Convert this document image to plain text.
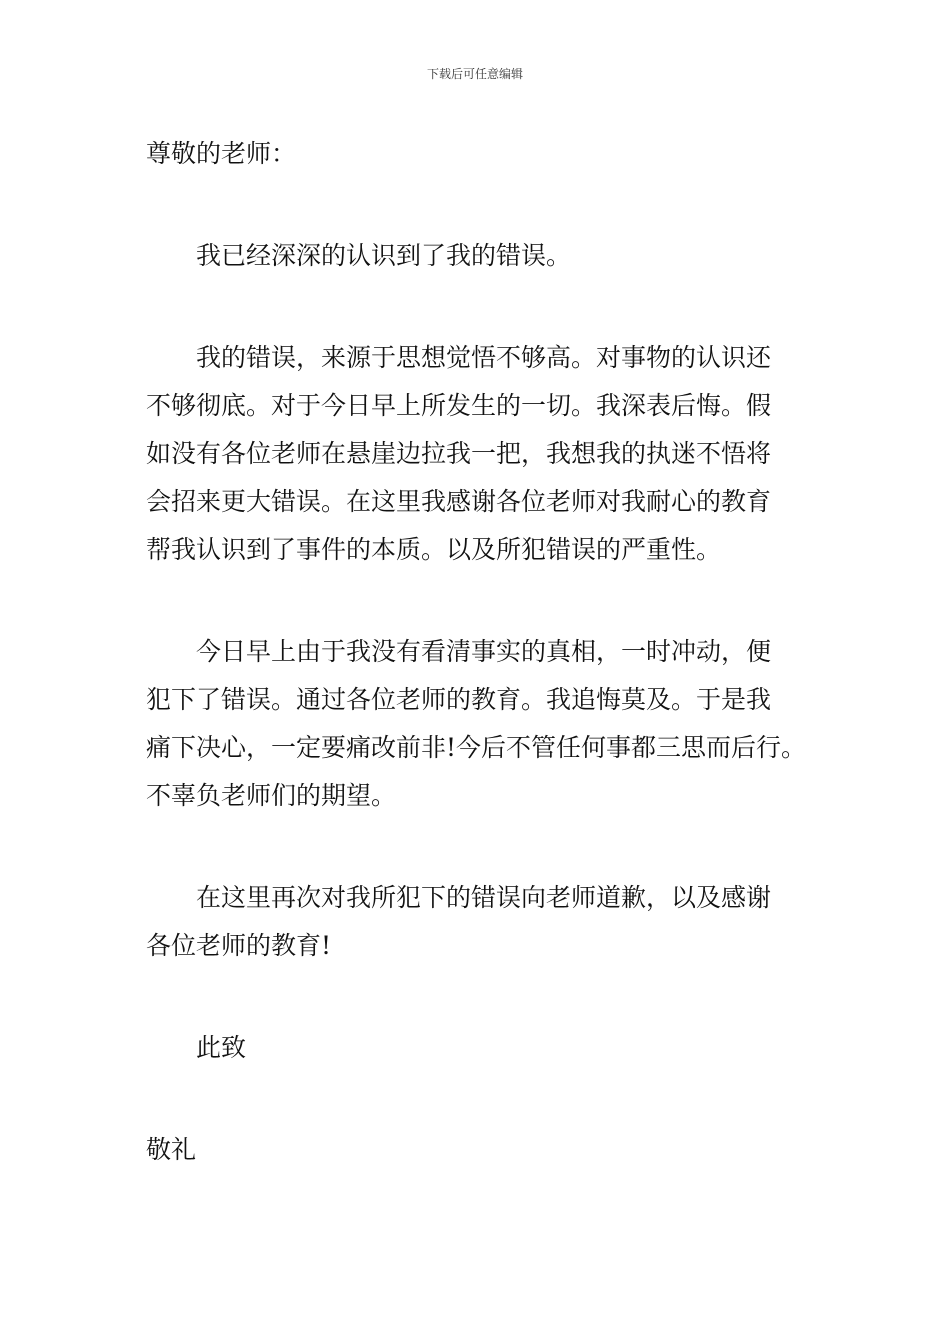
下载后可任意编辑
尊敬的老师：
我已经深深的认识到了我的错误。
我的错误，来源于思想觉悟不够高。对事物的认识还
不够彻底。对于今日早上所发生的一切。我深表后悔。假
如没有各位老师在悬崖边拉我一把，我想我的执迷不悟将
会招来更大错误。在这里我感谢各位老师对我耐心的教育
帮我认识到了事件的本质。以及所犯错误的严重性。
今日早上由于我没有看清事实的真相，一时冲动，便
犯下了错误。通过各位老师的教育。我追悔莫及。于是我
痛下决心，一定要痛改前非!今后不管任何事都三思而后行。
不辜负老师们的期望。
在这里再次对我所犯下的错误向老师道歉，以及感谢
各位老师的教育!
此致
敬礼
